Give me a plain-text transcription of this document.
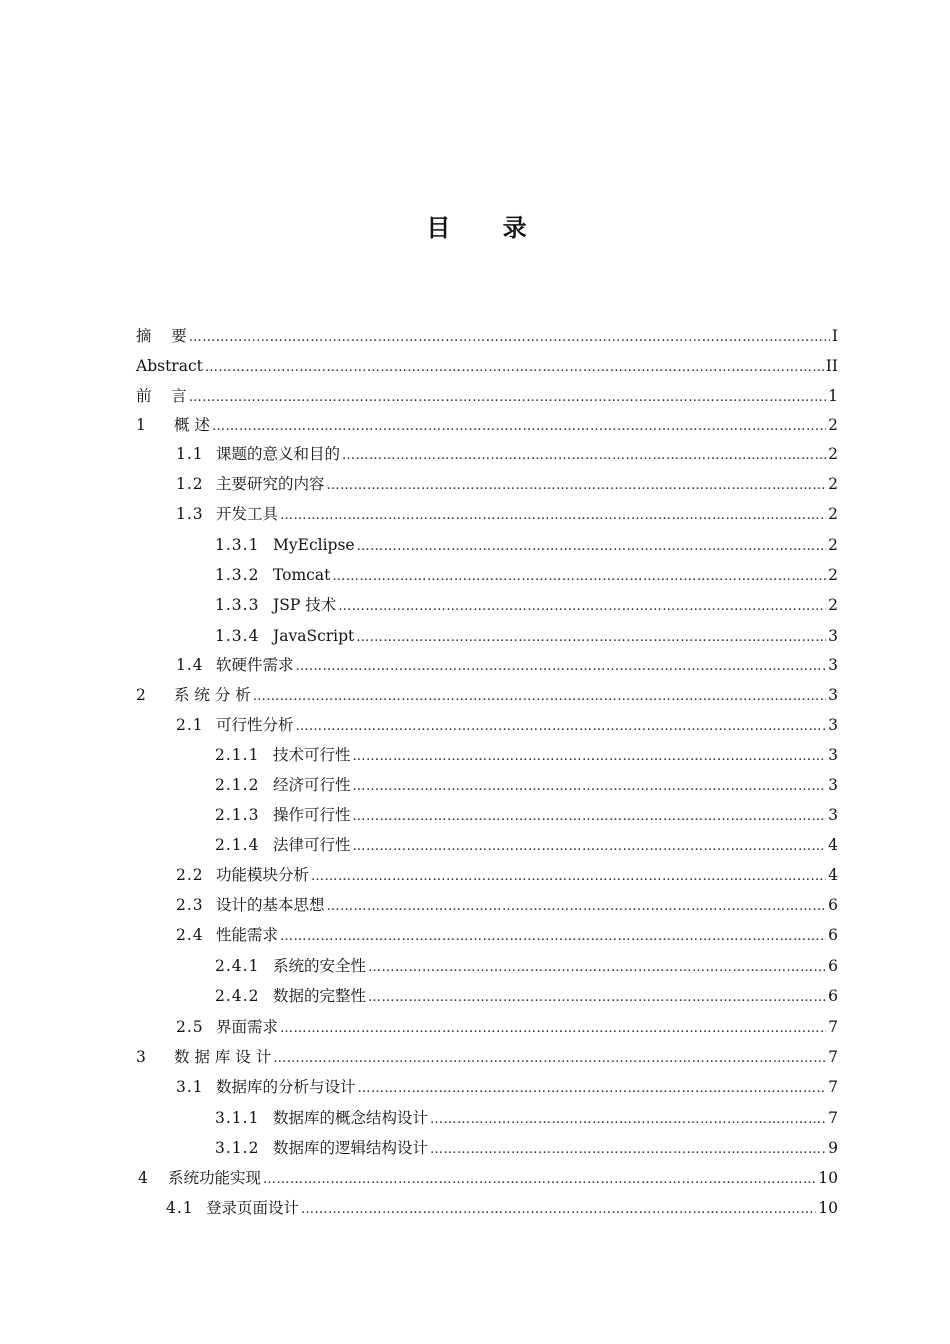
目 录
摘    要 …………………………………………………………………………………………………………………………………………………………………………	I
Abstract …………………………………………………………………………………………………………………………………………………………………………	II
前    言 …………………………………………………………………………………………………………………………………………………………………………	1
1 概 述 …………………………………………………………………………………………………………………………………………………………………………	2
1.1 课题的意义和目的 …………………………………………………………………………………………………………………………………………………………………………	2
1.2 主要研究的内容 …………………………………………………………………………………………………………………………………………………………………………	2
1.3 开发工具 …………………………………………………………………………………………………………………………………………………………………………	2
1.3.1 MyEclipse …………………………………………………………………………………………………………………………………………………………………………	2
1.3.2 Tomcat …………………………………………………………………………………………………………………………………………………………………………	2
1.3.3 JSP 技术 …………………………………………………………………………………………………………………………………………………………………………	2
1.3.4 JavaScript …………………………………………………………………………………………………………………………………………………………………………	3
1.4 软硬件需求 …………………………………………………………………………………………………………………………………………………………………………	3
2 系 统 分 析 …………………………………………………………………………………………………………………………………………………………………………	3
2.1 可行性分析 …………………………………………………………………………………………………………………………………………………………………………	3
2.1.1 技术可行性 …………………………………………………………………………………………………………………………………………………………………………	3
2.1.2 经济可行性 …………………………………………………………………………………………………………………………………………………………………………	3
2.1.3 操作可行性 …………………………………………………………………………………………………………………………………………………………………………	3
2.1.4 法律可行性 …………………………………………………………………………………………………………………………………………………………………………	4
2.2 功能模块分析 …………………………………………………………………………………………………………………………………………………………………………	4
2.3 设计的基本思想 …………………………………………………………………………………………………………………………………………………………………………	6
2.4 性能需求 …………………………………………………………………………………………………………………………………………………………………………	6
2.4.1 系统的安全性 …………………………………………………………………………………………………………………………………………………………………………	6
2.4.2 数据的完整性 …………………………………………………………………………………………………………………………………………………………………………	6
2.5 界面需求 …………………………………………………………………………………………………………………………………………………………………………	7
3 数 据 库 设 计 …………………………………………………………………………………………………………………………………………………………………………	7
3.1 数据库的分析与设计 …………………………………………………………………………………………………………………………………………………………………………	7
3.1.1 数据库的概念结构设计 …………………………………………………………………………………………………………………………………………………………………………	7
3.1.2 数据库的逻辑结构设计 …………………………………………………………………………………………………………………………………………………………………………	9
4 系统功能实现 …………………………………………………………………………………………………………………………………………………………………………	10
4.1 登录页面设计 …………………………………………………………………………………………………………………………………………………………………………	10
